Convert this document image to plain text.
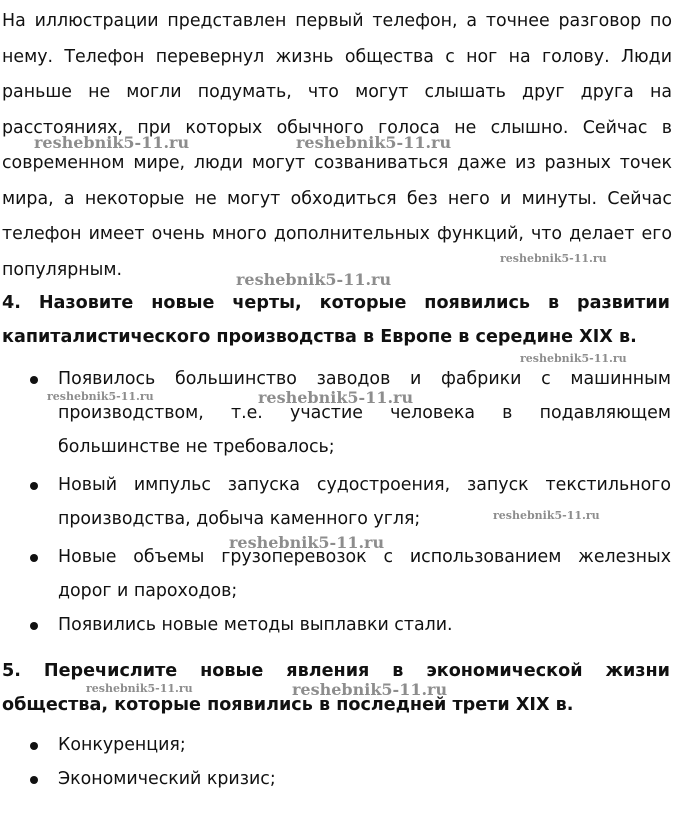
На иллюстрации представлен первый телефон, а точнее разговор по нему. Телефон перевернул жизнь общества с ног на голову. Люди раньше не могли подумать, что могут слышать друг друга на расстояниях, при которых обычного голоса не слышно. Сейчас в современном мире, люди могут созваниваться даже из разных точек мира, а некоторые не могут обходиться без него и минуты. Сейчас телефон имеет очень много дополнительных функций, что делает его популярным.

4. Назовите новые черты, которые появились в развитии капиталистического производства в Европе в середине XIX в.
Появилось большинство заводов и фабрики с машинным производством, т.е. участие человека в подавляющем большинстве не требовалось;
Новый импульс запуска судостроения, запуск текстильного производства, добыча каменного угля;
Новые объемы грузоперевозок с использованием железных дорог и пароходов;
Появились новые методы выплавки стали.
5. Перечислите новые явления в экономической жизни общества, которые появились в последней трети XIX в.
Конкуренция;
Экономический кризис;
reshebnik5-11.ru	reshebnik5-11.ru
reshebnik5-11.ru
reshebnik5-11.ru
reshebnik5-11.ru
reshebnik5-11.ru	reshebnik5-11.ru
reshebnik5-11.ru
reshebnik5-11.ru
reshebnik5-11.ru	reshebnik5-11.ru
